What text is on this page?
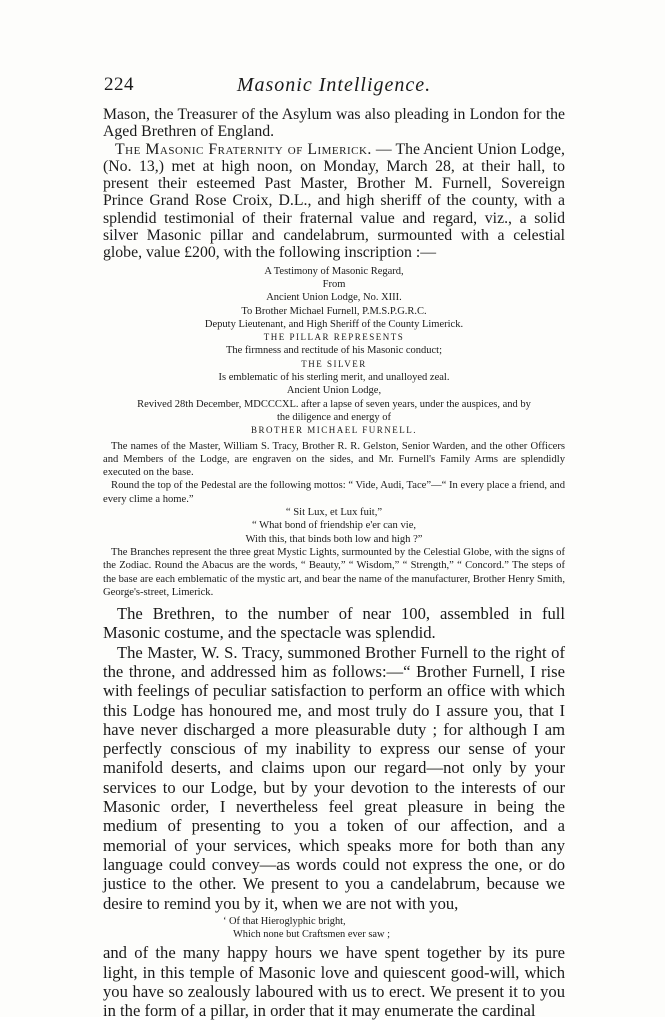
224	Masonic Intelligence.

Mason, the Treasurer of the Asylum was also pleading in London for the Aged Brethren of England.

The Masonic Fraternity of Limerick. — The Ancient Union Lodge, (No. 13,) met at high noon, on Monday, March 28, at their hall, to present their esteemed Past Master, Brother M. Furnell, Sovereign Prince Grand Rose Croix, D.L., and high sheriff of the county, with a splendid testimonial of their fraternal value and regard, viz., a solid silver Masonic pillar and candelabrum, surmounted with a celestial globe, value £200, with the following inscription :—

A Testimony of Masonic Regard,
From
Ancient Union Lodge, No. XIII.
To Brother Michael Furnell, P.M.S.P.G.R.C.
Deputy Lieutenant, and High Sheriff of the County Limerick.
THE PILLAR REPRESENTS
The firmness and rectitude of his Masonic conduct;
THE SILVER
Is emblematic of his sterling merit, and unalloyed zeal.
Ancient Union Lodge,
Revived 28th December, MDCCCXL. after a lapse of seven years, under the auspices, and by
the diligence and energy of
BROTHER MICHAEL FURNELL.

The names of the Master, William S. Tracy, Brother R. R. Gelston, Senior Warden, and the other Officers and Members of the Lodge, are engraven on the sides, and Mr. Furnell's Family Arms are splendidly executed on the base.

Round the top of the Pedestal are the following mottos: “ Vide, Audi, Tace”—“ In every place a friend, and every clime a home.”

“ Sit Lux, et Lux fuit,”
“ What bond of friendship e'er can vie,
With this, that binds both low and high ?”

The Branches represent the three great Mystic Lights, surmounted by the Celestial Globe, with the signs of the Zodiac. Round the Abacus are the words, “ Beauty,” “ Wisdom,” “ Strength,” “ Concord.” The steps of the base are each emblematic of the mystic art, and bear the name of the manufacturer, Brother Henry Smith, George's-street, Limerick.

The Brethren, to the number of near 100, assembled in full Masonic costume, and the spectacle was splendid.

The Master, W. S. Tracy, summoned Brother Furnell to the right of the throne, and addressed him as follows:—“ Brother Furnell, I rise with feelings of peculiar satisfaction to perform an office with which this Lodge has honoured me, and most truly do I assure you, that I have never discharged a more pleasurable duty ; for although I am perfectly conscious of my inability to express our sense of your manifold deserts, and claims upon our regard—not only by your services to our Lodge, but by your devotion to the interests of our Masonic order, I nevertheless feel great pleasure in being the medium of presenting to you a token of our affection, and a memorial of your services, which speaks more for both than any language could convey—as words could not express the one, or do justice to the other. We present to you a candelabrum, because we desire to remind you by it, when we are not with you,

‘ Of that Hieroglyphic bright,
Which none but Craftsmen ever saw ;

and of the many happy hours we have spent together by its pure light, in this temple of Masonic love and quiescent good-will, which you have so zealously laboured with us to erect. We present it to you in the form of a pillar, in order that it may enumerate the cardinal
